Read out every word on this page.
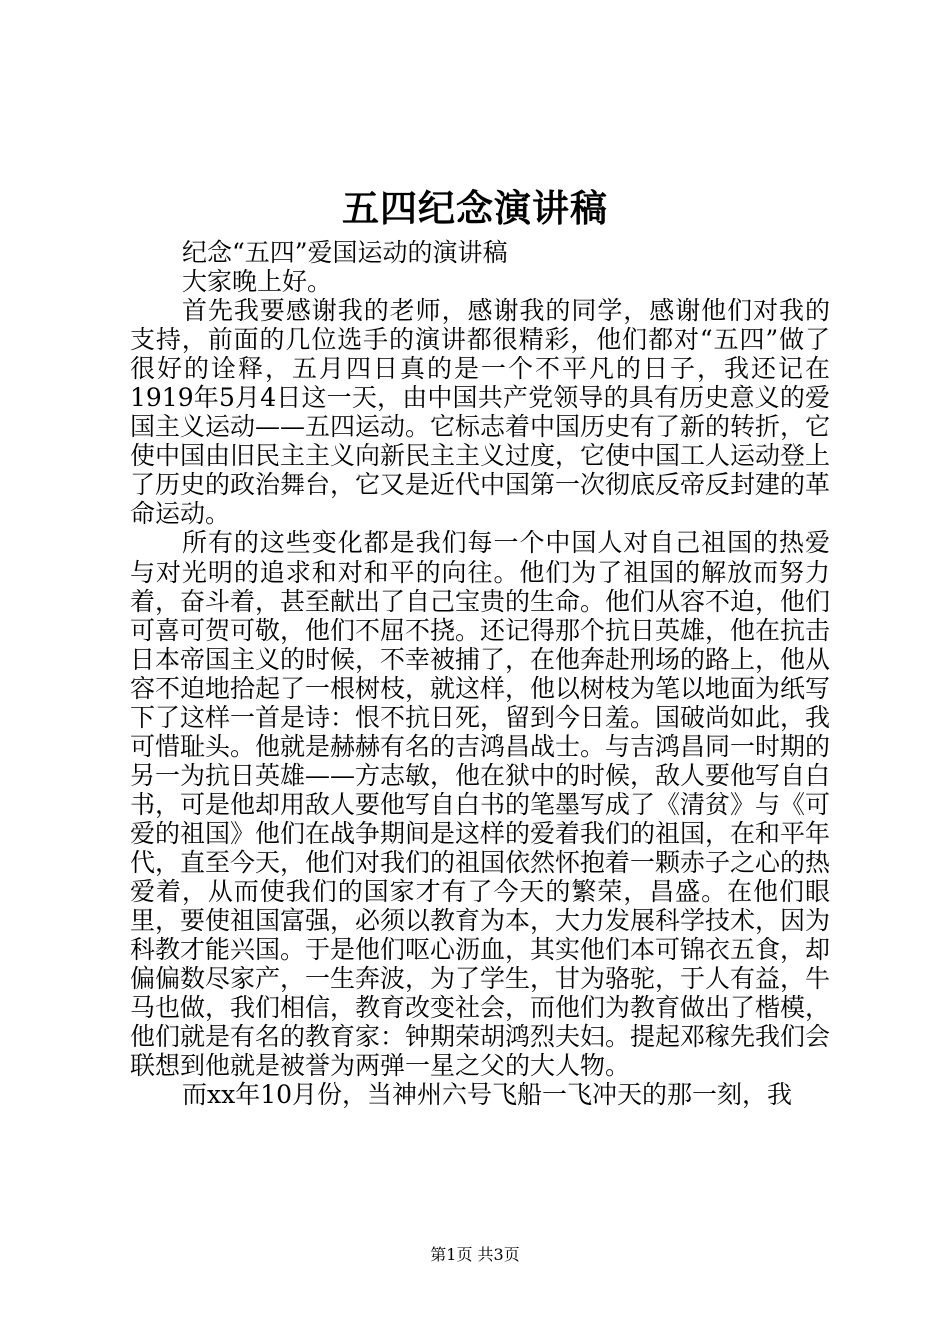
五四纪念演讲稿

纪念“五四”爱国运动的演讲稿

大家晚上好。

首先我要感谢我的老师，感谢我的同学，感谢他们对我的支持，前面的几位选手的演讲都很精彩，他们都对“五四”做了很好的诠释，五月四日真的是一个不平凡的日子，我还记在1919年5月4日这一天，由中国共产党领导的具有历史意义的爱国主义运动——五四运动。它标志着中国历史有了新的转折，它使中国由旧民主主义向新民主主义过度，它使中国工人运动登上了历史的政治舞台，它又是近代中国第一次彻底反帝反封建的革命运动。

所有的这些变化都是我们每一个中国人对自己祖国的热爱与对光明的追求和对和平的向往。他们为了祖国的解放而努力着，奋斗着，甚至献出了自己宝贵的生命。他们从容不迫，他们可喜可贺可敬，他们不屈不挠。还记得那个抗日英雄，他在抗击日本帝国主义的时候，不幸被捕了，在他奔赴刑场的路上，他从容不迫地拾起了一根树枝，就这样，他以树枝为笔以地面为纸写下了这样一首是诗：恨不抗日死，留到今日羞。国破尚如此，我可惜耻头。他就是赫赫有名的吉鸿昌战士。与吉鸿昌同一时期的另一为抗日英雄——方志敏，他在狱中的时候，敌人要他写自白书，可是他却用敌人要他写自白书的笔墨写成了《清贫》与《可爱的祖国》他们在战争期间是这样的爱着我们的祖国，在和平年代，直至今天，他们对我们的祖国依然怀抱着一颗赤子之心的热爱着，从而使我们的国家才有了今天的繁荣，昌盛。在他们眼里，要使祖国富强，必须以教育为本，大力发展科学技术，因为科教才能兴国。于是他们呕心沥血，其实他们本可锦衣五食，却偏偏数尽家产，一生奔波，为了学生，甘为骆驼，于人有益，牛马也做，我们相信，教育改变社会，而他们为教育做出了楷模，他们就是有名的教育家：钟期荣胡鸿烈夫妇。提起邓稼先我们会联想到他就是被誉为两弹一星之父的大人物。

而xx年10月份，当神州六号飞船一飞冲天的那一刻，我

第1页 共3页
